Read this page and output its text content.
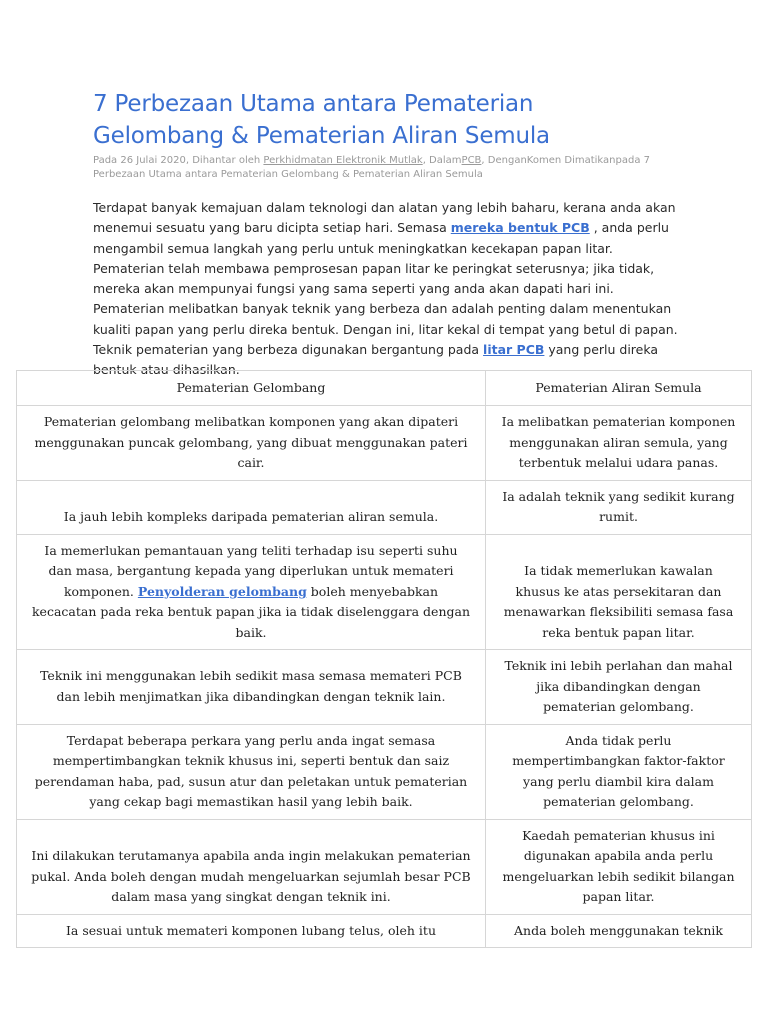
7 Perbezaan Utama antara Pematerian
Gelombang & Pematerian Aliran Semula
Pada 26 Julai 2020, Dihantar oleh Perkhidmatan Elektronik Mutlak, DalamPCB, DenganKomen Dimatikanpada 7 Perbezaan Utama antara Pematerian Gelombang & Pematerian Aliran Semula

Terdapat banyak kemajuan dalam teknologi dan alatan yang lebih baharu, kerana anda akan menemui sesuatu yang baru dicipta setiap hari. Semasa mereka bentuk PCB , anda perlu mengambil semua langkah yang perlu untuk meningkatkan kecekapan papan litar. Pematerian telah membawa pemprosesan papan litar ke peringkat seterusnya; jika tidak, mereka akan mempunyai fungsi yang sama seperti yang anda akan dapati hari ini. Pematerian melibatkan banyak teknik yang berbeza dan adalah penting dalam menentukan kualiti papan yang perlu direka bentuk. Dengan ini, litar kekal di tempat yang betul di papan. Teknik pematerian yang berbeza digunakan bergantung pada litar PCB yang perlu direka bentuk atau dihasilkan.

Pematerian Gelombang	Pematerian Aliran Semula
Pematerian gelombang melibatkan komponen yang akan dipateri menggunakan puncak gelombang, yang dibuat menggunakan pateri cair.	Ia melibatkan pematerian komponen menggunakan aliran semula, yang terbentuk melalui udara panas.
Ia jauh lebih kompleks daripada pematerian aliran semula.	Ia adalah teknik yang sedikit kurang rumit.
Ia memerlukan pemantauan yang teliti terhadap isu seperti suhu dan masa, bergantung kepada yang diperlukan untuk memateri komponen. Penyolderan gelombang boleh menyebabkan kecacatan pada reka bentuk papan jika ia tidak diselenggara dengan baik.	Ia tidak memerlukan kawalan khusus ke atas persekitaran dan menawarkan fleksibiliti semasa fasa reka bentuk papan litar.
Teknik ini menggunakan lebih sedikit masa semasa memateri PCB dan lebih menjimatkan jika dibandingkan dengan teknik lain.	Teknik ini lebih perlahan dan mahal jika dibandingkan dengan pematerian gelombang.
Terdapat beberapa perkara yang perlu anda ingat semasa mempertimbangkan teknik khusus ini, seperti bentuk dan saiz perendaman haba, pad, susun atur dan peletakan untuk pematerian yang cekap bagi memastikan hasil yang lebih baik.	Anda tidak perlu mempertimbangkan faktor-faktor yang perlu diambil kira dalam pematerian gelombang.
Ini dilakukan terutamanya apabila anda ingin melakukan pematerian pukal. Anda boleh dengan mudah mengeluarkan sejumlah besar PCB dalam masa yang singkat dengan teknik ini.	Kaedah pematerian khusus ini digunakan apabila anda perlu mengeluarkan lebih sedikit bilangan papan litar.
Ia sesuai untuk memateri komponen lubang telus, oleh itu	Anda boleh menggunakan teknik
